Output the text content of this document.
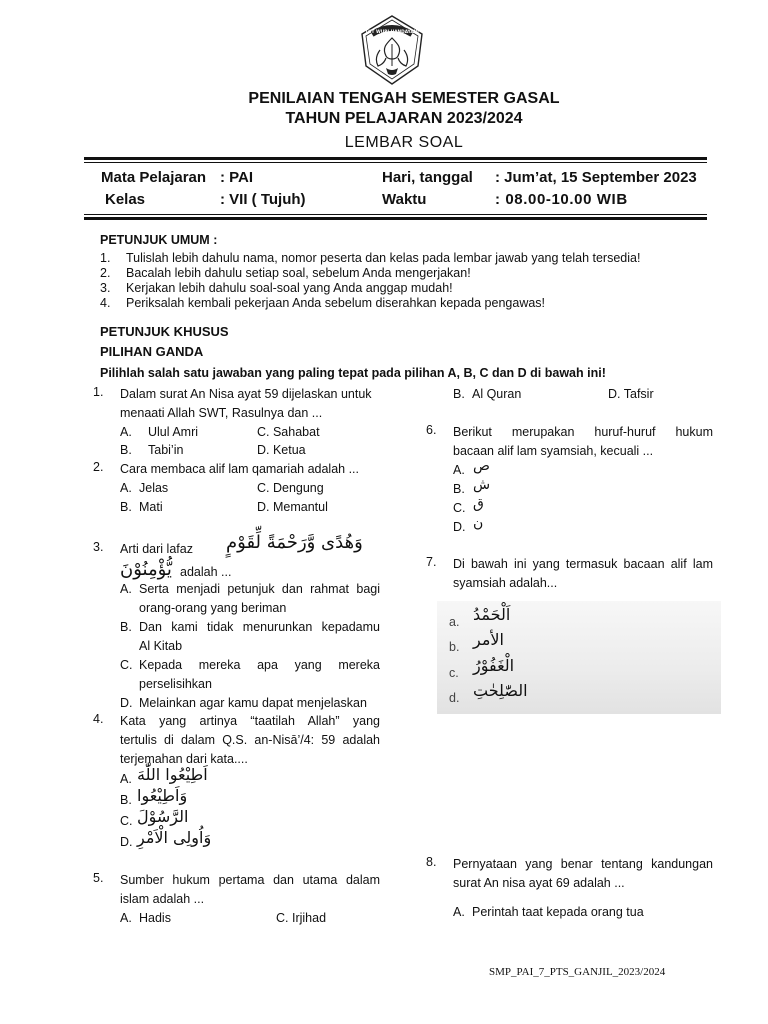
TUT WURI HANDAYANI
PENILAIAN TENGAH SEMESTER GASAL
TAHUN PELAJARAN 2023/2024
LEMBAR SOAL
Mata Pelajaran : PAI
Kelas	: VII ( Tujuh)
Hari, tanggal : Jum’at, 15 September 2023
Waktu	: 08.00-10.00 WIB
PETUNJUK UMUM :
1. Tulislah lebih dahulu nama, nomor peserta dan kelas pada lembar jawab yang telah tersedia!
2. Bacalah lebih dahulu setiap soal, sebelum Anda mengerjakan!
3. Kerjakan lebih dahulu soal-soal yang Anda anggap mudah!
4. Periksalah kembali pekerjaan Anda sebelum diserahkan kepada pengawas!
PETUNJUK KHUSUS
PILIHAN GANDA
Pilihlah salah satu jawaban yang paling tepat pada pilihan A, B, C dan D di bawah ini!
1. Dalam surat An Nisa ayat 59 dijelaskan untuk
menaati Allah SWT, Rasulnya dan ...
A. Ulul Amri
B. Tabi’in
C. Sahabat
D. Ketua
2. Cara membaca alif lam qamariah adalah ...
A. Jelas
B. Mati
C. Dengung
D. Memantul
3. Arti dari lafaz وَهُدًى وَّرَحْمَةً لِّقَوْمٍ
يُّؤْمِنُوْنَ adalah ...
A. Serta menjadi petunjuk dan rahmat bagi
orang-orang yang beriman
B. Dan kami tidak menurunkan kepadamu
Al Kitab
C. Kepada mereka apa yang mereka
perselisihkan
D. Melainkan agar kamu dapat menjelaskan
4. Kata yang artinya “taatilah Allah” yang
tertulis di dalam Q.S. an-Nisā’/4: 59 adalah
terjemahan dari kata....
A. اَطِيْعُوا اللّٰهَ
B. وَاَطِيْعُوا
C. الرَّسُوْلَ
D. وَاُولِى الْاَمْرِ
5. Sumber hukum pertama dan utama dalam
islam adalah ...
A. Hadis	C. Irjihad
B. Al Quran	D. Tafsir
6. Berikut merupakan huruf-huruf hukum
bacaan alif lam syamsiah, kecuali ...
A. ص
B. ش
C. ق
D. ن
7. Di bawah ini yang termasuk bacaan alif lam
syamsiah adalah...
a. اَلْحَمْدُ
b. الأمر
c. الْغَفُوْرُ
d. الصّٰلِحٰتِ
8. Pernyataan yang benar tentang kandungan
surat An nisa ayat 69 adalah ...
A. Perintah taat kepada orang tua
SMP_PAI_7_PTS_GANJIL_2023/2024
